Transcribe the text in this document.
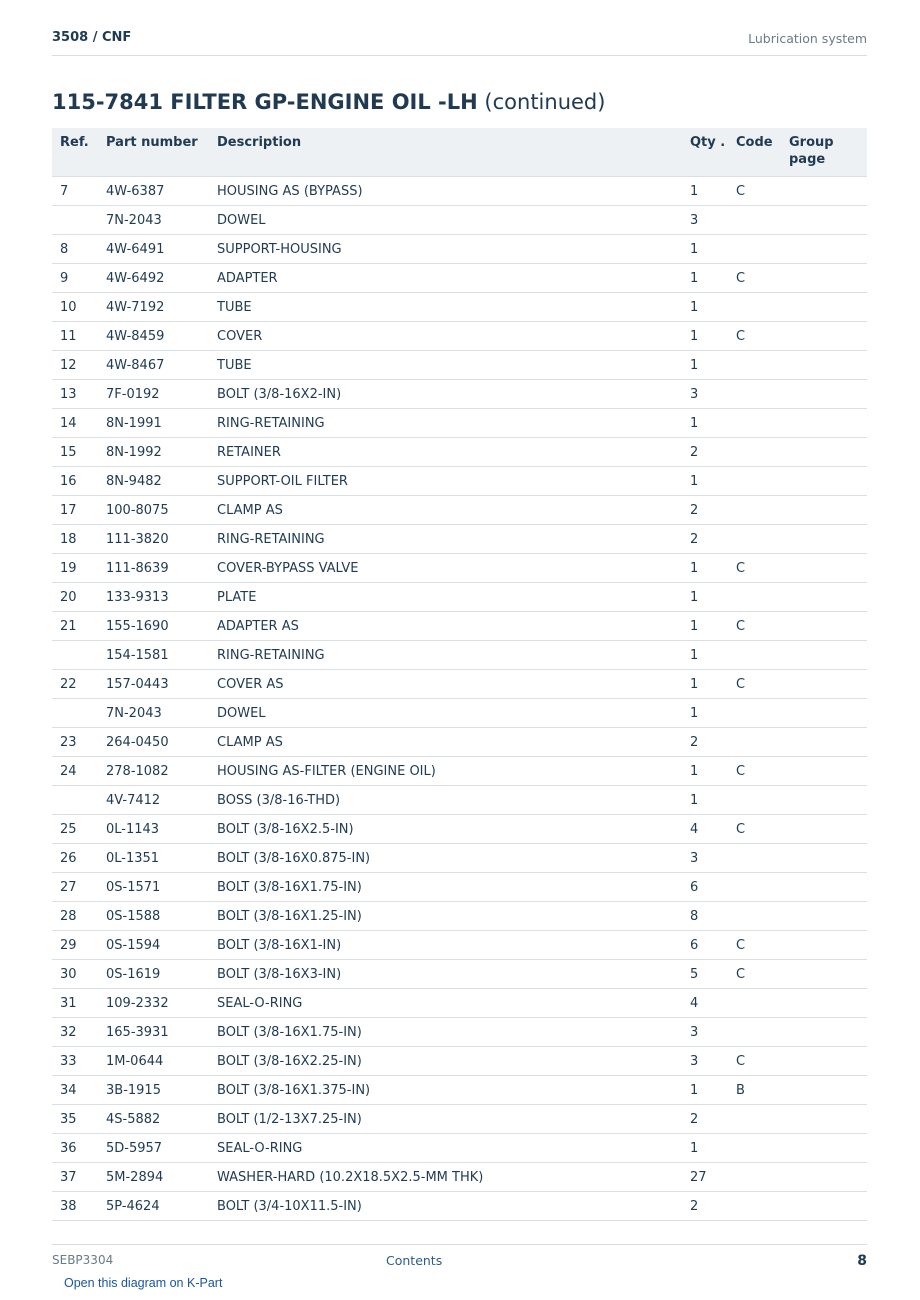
3508 / CNF	Lubrication system
115-7841 FILTER GP-ENGINE OIL -LH (continued)
Ref.	Part number	Description	Qty .	Code	Group page
7	4W-6387	HOUSING AS (BYPASS)	1	C	
	7N-2043	DOWEL	3		
8	4W-6491	SUPPORT-HOUSING	1		
9	4W-6492	ADAPTER	1	C	
10	4W-7192	TUBE	1		
11	4W-8459	COVER	1	C	
12	4W-8467	TUBE	1		
13	7F-0192	BOLT (3/8-16X2-IN)	3		
14	8N-1991	RING-RETAINING	1		
15	8N-1992	RETAINER	2		
16	8N-9482	SUPPORT-OIL FILTER	1		
17	100-8075	CLAMP AS	2		
18	111-3820	RING-RETAINING	2		
19	111-8639	COVER-BYPASS VALVE	1	C	
20	133-9313	PLATE	1		
21	155-1690	ADAPTER AS	1	C	
	154-1581	RING-RETAINING	1		
22	157-0443	COVER AS	1	C	
	7N-2043	DOWEL	1		
23	264-0450	CLAMP AS	2		
24	278-1082	HOUSING AS-FILTER (ENGINE OIL)	1	C	
	4V-7412	BOSS (3/8-16-THD)	1		
25	0L-1143	BOLT (3/8-16X2.5-IN)	4	C	
26	0L-1351	BOLT (3/8-16X0.875-IN)	3		
27	0S-1571	BOLT (3/8-16X1.75-IN)	6		
28	0S-1588	BOLT (3/8-16X1.25-IN)	8		
29	0S-1594	BOLT (3/8-16X1-IN)	6	C	
30	0S-1619	BOLT (3/8-16X3-IN)	5	C	
31	109-2332	SEAL-O-RING	4		
32	165-3931	BOLT (3/8-16X1.75-IN)	3		
33	1M-0644	BOLT (3/8-16X2.25-IN)	3	C	
34	3B-1915	BOLT (3/8-16X1.375-IN)	1	B	
35	4S-5882	BOLT (1/2-13X7.25-IN)	2		
36	5D-5957	SEAL-O-RING	1		
37	5M-2894	WASHER-HARD (10.2X18.5X2.5-MM THK)	27		
38	5P-4624	BOLT (3/4-10X11.5-IN)	2		
SEBP3304	Contents	8
Open this diagram on K-Part
